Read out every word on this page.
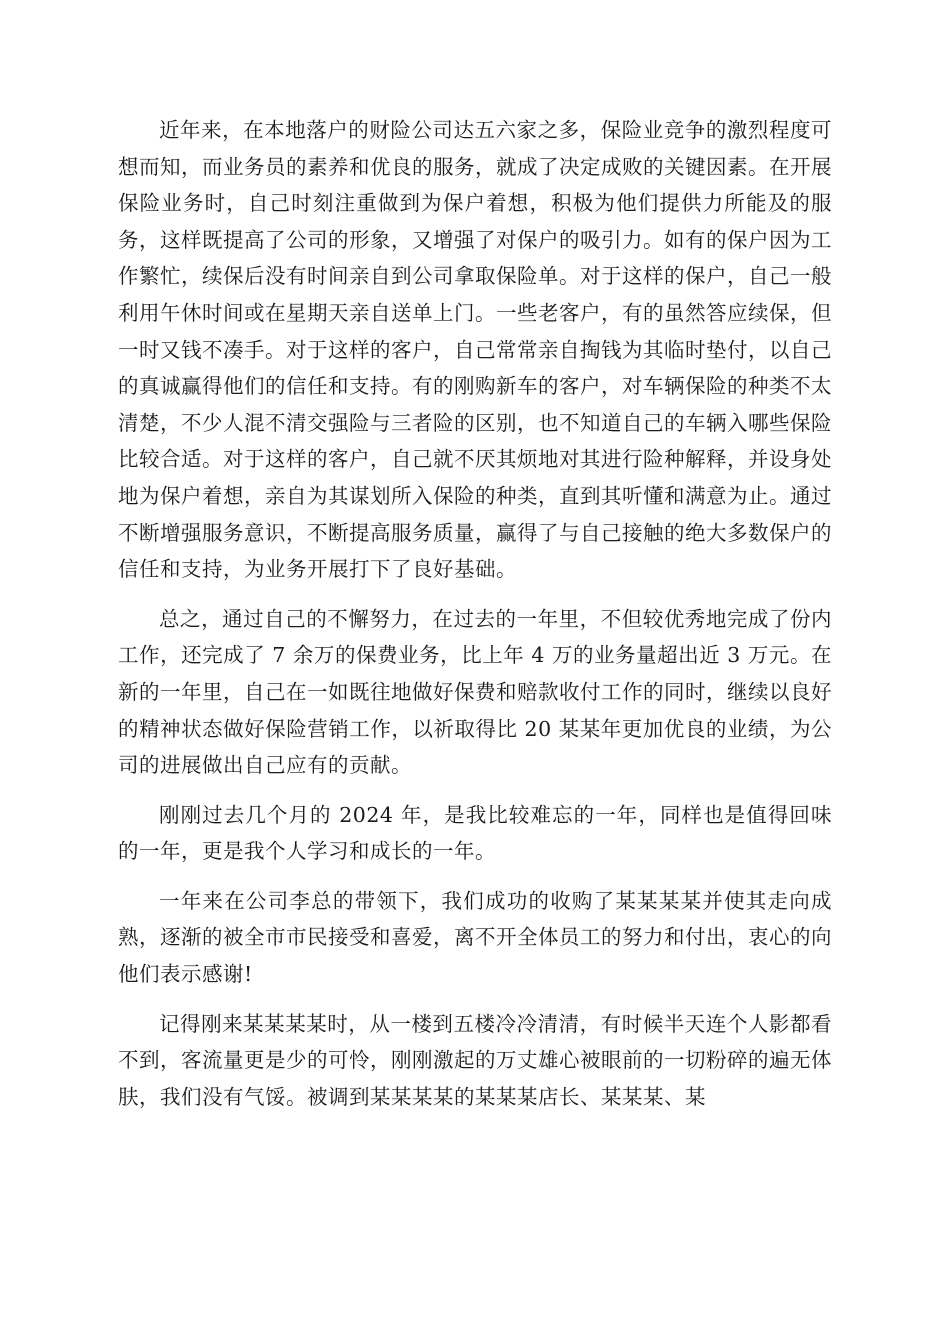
近年来，在本地落户的财险公司达五六家之多，保险业竞争的激烈程度可想而知，而业务员的素养和优良的服务，就成了决定成败的关键因素。在开展保险业务时，自己时刻注重做到为保户着想，积极为他们提供力所能及的服务，这样既提高了公司的形象，又增强了对保户的吸引力。如有的保户因为工作繁忙，续保后没有时间亲自到公司拿取保险单。对于这样的保户，自己一般利用午休时间或在星期天亲自送单上门。一些老客户，有的虽然答应续保，但一时又钱不凑手。对于这样的客户，自己常常亲自掏钱为其临时垫付，以自己的真诚赢得他们的信任和支持。有的刚购新车的客户，对车辆保险的种类不太清楚，不少人混不清交强险与三者险的区别，也不知道自己的车辆入哪些保险比较合适。对于这样的客户，自己就不厌其烦地对其进行险种解释，并设身处地为保户着想，亲自为其谋划所入保险的种类，直到其听懂和满意为止。通过不断增强服务意识，不断提高服务质量，赢得了与自己接触的绝大多数保户的信任和支持，为业务开展打下了良好基础。

总之，通过自己的不懈努力，在过去的一年里，不但较优秀地完成了份内工作，还完成了 7 余万的保费业务，比上年 4 万的业务量超出近 3 万元。在新的一年里，自己在一如既往地做好保费和赔款收付工作的同时，继续以良好的精神状态做好保险营销工作，以祈取得比 20 某某年更加优良的业绩，为公司的进展做出自己应有的贡献。

刚刚过去几个月的 2024 年，是我比较难忘的一年，同样也是值得回味的一年，更是我个人学习和成长的一年。

一年来在公司李总的带领下，我们成功的收购了某某某某并使其走向成熟，逐渐的被全市市民接受和喜爱，离不开全体员工的努力和付出，衷心的向他们表示感谢!

记得刚来某某某某时，从一楼到五楼冷冷清清，有时候半天连个人影都看不到，客流量更是少的可怜，刚刚激起的万丈雄心被眼前的一切粉碎的遍无体肤，我们没有气馁。被调到某某某某的某某某店长、某某某、某
